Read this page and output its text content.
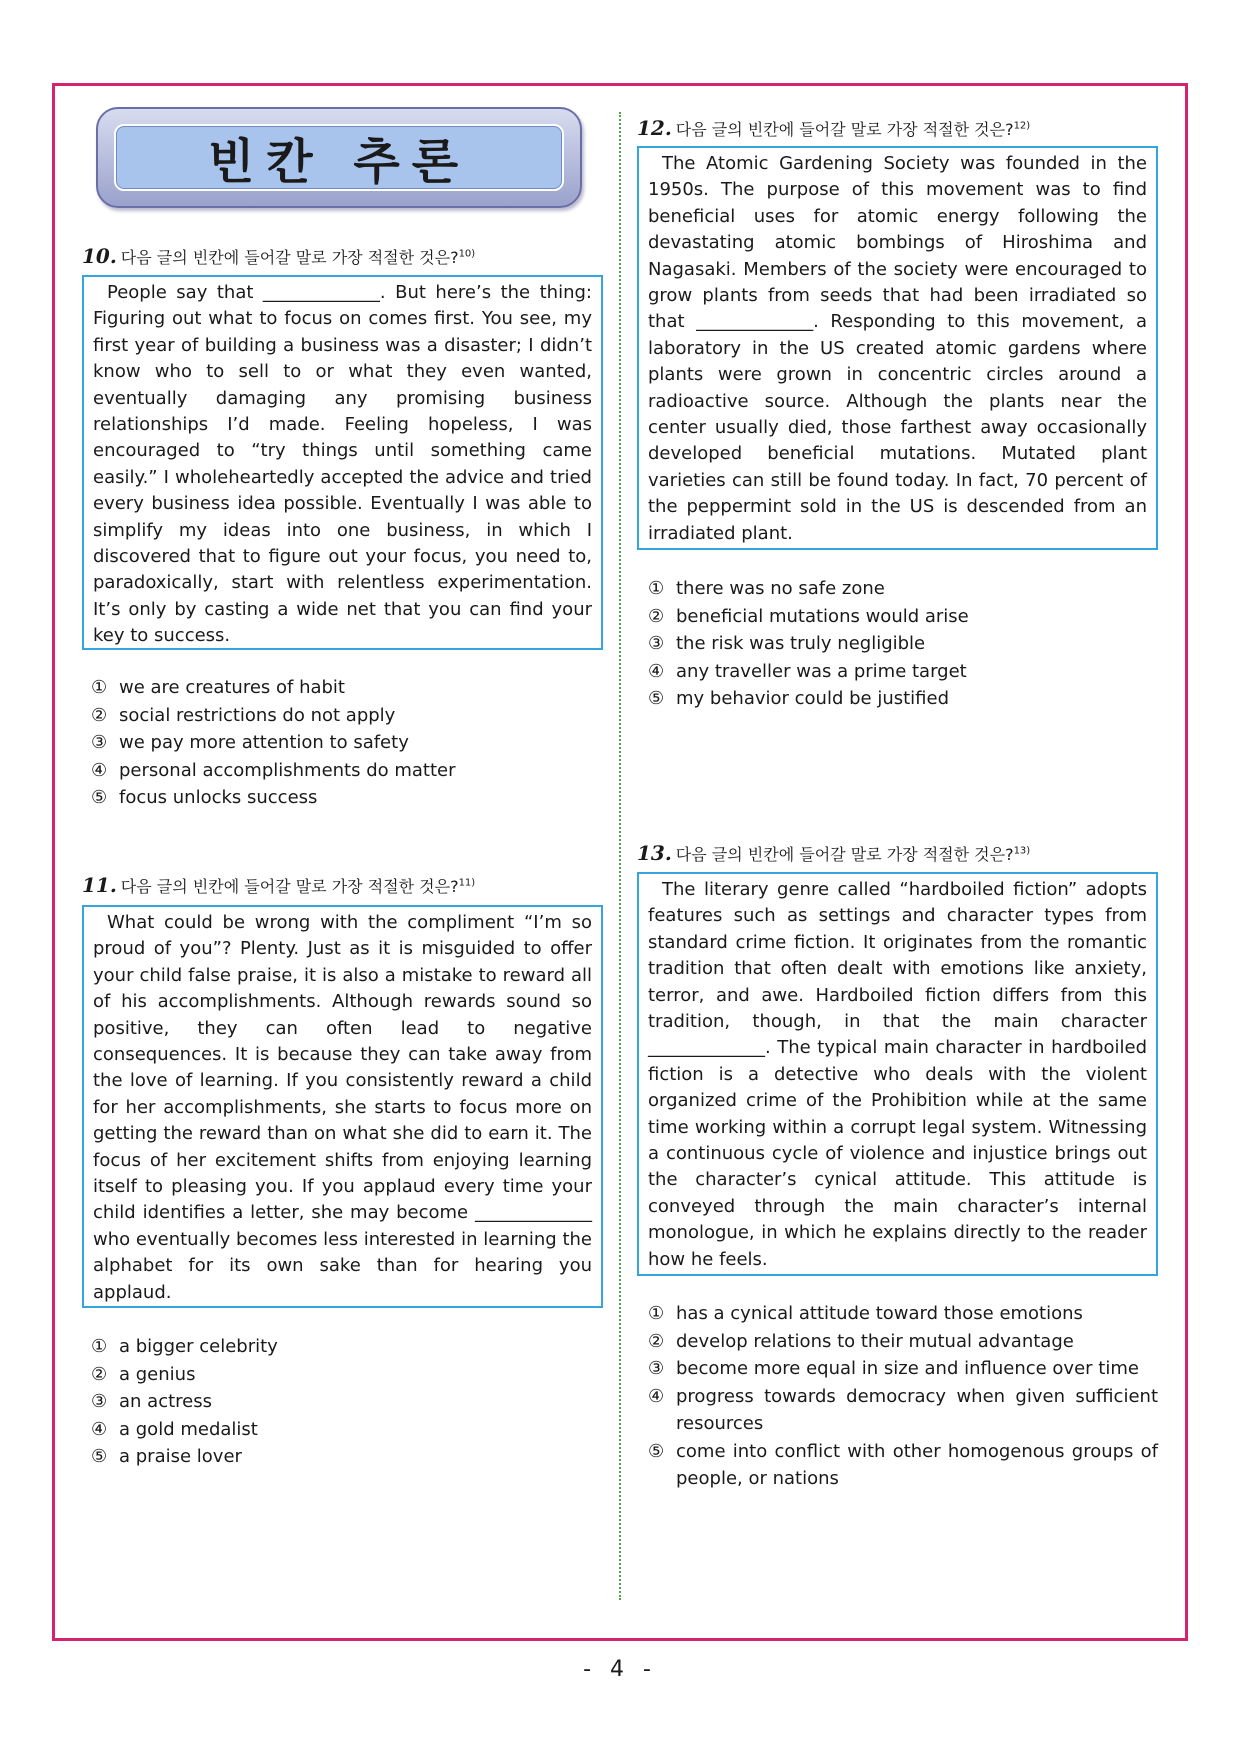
빈칸 추론
10. 다음 글의 빈칸에 들어갈 말로 가장 적절한 것은?$^{10)}$

People say that _____________. But here’s the thing: Figuring out what to focus on comes first. You see, my first year of building a business was a disaster; I didn’t know who to sell to or what they even wanted, eventually damaging any promising business relationships I’d made. Feeling hopeless, I was encouraged to “try things until something came easily.” I wholeheartedly accepted the advice and tried every business idea possible. Eventually I was able to simplify my ideas into one business, in which I discovered that to figure out your focus, you need to, paradoxically, start with relentless experimentation. It’s only by casting a wide net that you can find your key to success.

① we are creatures of habit
② social restrictions do not apply
③ we pay more attention to safety
④ personal accomplishments do matter
⑤ focus unlocks success
11. 다음 글의 빈칸에 들어갈 말로 가장 적절한 것은?$^{11)}$

What could be wrong with the compliment “I’m so proud of you”? Plenty. Just as it is misguided to offer your child false praise, it is also a mistake to reward all of his accomplishments. Although rewards sound so positive, they can often lead to negative consequences. It is because they can take away from the love of learning. If you consistently reward a child for her accomplishments, she starts to focus more on getting the reward than on what she did to earn it. The focus of her excitement shifts from enjoying learning itself to pleasing you. If you applaud every time your child identifies a letter, she may become _____________ who eventually becomes less interested in learning the alphabet for its own sake than for hearing you applaud.

① a bigger celebrity
② a genius
③ an actress
④ a gold medalist
⑤ a praise lover
12. 다음 글의 빈칸에 들어갈 말로 가장 적절한 것은?$^{12)}$

The Atomic Gardening Society was founded in the 1950s. The purpose of this movement was to find beneficial uses for atomic energy following the devastating atomic bombings of Hiroshima and Nagasaki. Members of the society were encouraged to grow plants from seeds that had been irradiated so that _____________. Responding to this movement, a laboratory in the US created atomic gardens where plants were grown in concentric circles around a radioactive source. Although the plants near the center usually died, those farthest away occasionally developed beneficial mutations. Mutated plant varieties can still be found today. In fact, 70 percent of the peppermint sold in the US is descended from an irradiated plant.

① there was no safe zone
② beneficial mutations would arise
③ the risk was truly negligible
④ any traveller was a prime target
⑤ my behavior could be justified
13. 다음 글의 빈칸에 들어갈 말로 가장 적절한 것은?$^{13)}$

The literary genre called “hardboiled fiction” adopts features such as settings and character types from standard crime fiction. It originates from the romantic tradition that often dealt with emotions like anxiety, terror, and awe. Hardboiled fiction differs from this tradition, though, in that the main character _____________. The typical main character in hardboiled fiction is a detective who deals with the violent organized crime of the Prohibition while at the same time working within a corrupt legal system. Witnessing a continuous cycle of violence and injustice brings out the character’s cynical attitude. This attitude is conveyed through the main character’s internal monologue, in which he explains directly to the reader how he feels.

① has a cynical attitude toward those emotions
② develop relations to their mutual advantage
③ become more equal in size and influence over time
④ progress towards democracy when given sufficient resources
⑤ come into conflict with other homogenous groups of people, or nations
- 4 -
